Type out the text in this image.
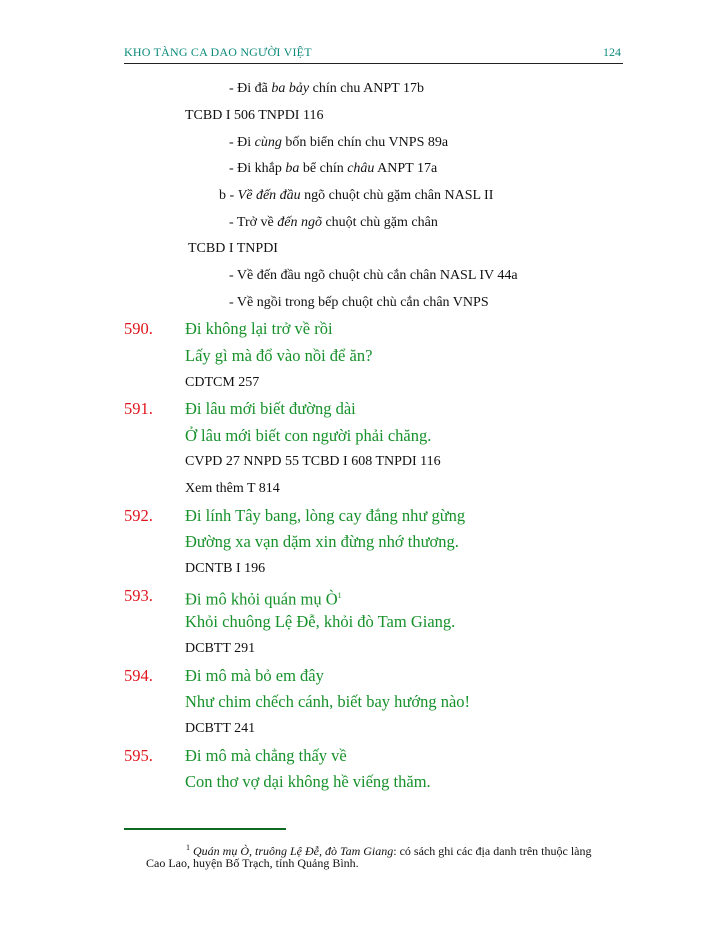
KHO TÀNG CA DAO NGƯỜI VIỆT	124
- Đi đã ba bảy chín chu ANPT 17b
TCBD I 506 TNPDI 116
- Đi cùng bốn biển chín chu VNPS 89a
- Đi khắp ba bể chín châu ANPT 17a
b - Về đến đầu ngõ chuột chù gặm chân NASL II
- Trở về đến ngõ chuột chù gặm chân
TCBD I TNPDI
- Về đến đầu ngõ chuột chù cắn chân NASL IV 44a
- Về ngồi trong bếp chuột chù cắn chân VNPS
590. Đi không lại trở về rồi
Lấy gì mà đổ vào nồi để ăn?
CDTCM 257
591. Đi lâu mới biết đường dài
Ở lâu mới biết con người phải chăng.
CVPD 27 NNPD 55 TCBD I 608 TNPDI 116
Xem thêm T 814
592. Đi lính Tây bang, lòng cay đắng như gừng
Đường xa vạn dặm xin đừng nhớ thương.
DCNTB I 196
593. Đi mô khỏi quán mụ $Ò^1$
Khỏi chuông Lệ Đễ, khỏi đò Tam Giang.
DCBTT 291
594. Đi mô mà bỏ em đây
Như chim chếch cánh, biết bay hướng nào!
DCBTT 241
595. Đi mô mà chẳng thấy về
Con thơ vợ dại không hề viếng thăm.
$^1$ Quán mụ Ò, truông Lệ Đễ, đò Tam Giang: có sách ghi các địa danh trên thuộc làng
Cao Lao, huyện Bố Trạch, tỉnh Quảng Bình.
